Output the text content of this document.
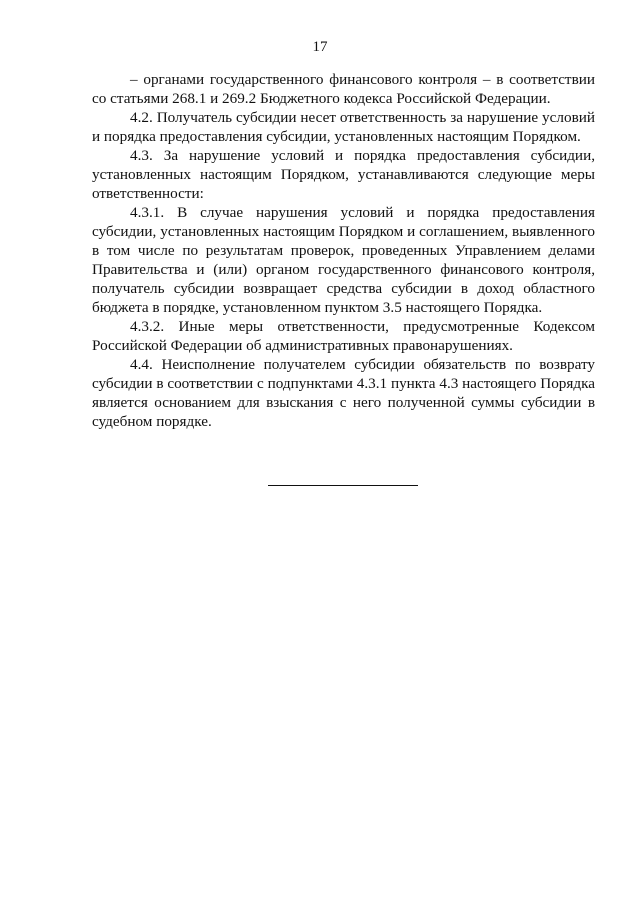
17

– органами государственного финансового контроля – в соответствии со статьями 268.1 и 269.2 Бюджетного кодекса Российской Федерации.

4.2. Получатель субсидии несет ответственность за нарушение условий и порядка предоставления субсидии, установленных настоящим Порядком.

4.3. За нарушение условий и порядка предоставления субсидии, установленных настоящим Порядком, устанавливаются следующие меры ответственности:

4.3.1. В случае нарушения условий и порядка предоставления субсидии, установленных настоящим Порядком и соглашением, выявленного в том числе по результатам проверок, проведенных Управлением делами Правительства и (или) органом государственного финансового контроля, получатель субсидии возвращает средства субсидии в доход областного бюджета в порядке, установленном пунктом 3.5 настоящего Порядка.

4.3.2. Иные меры ответственности, предусмотренные Кодексом Российской Федерации об административных правонарушениях.

4.4. Неисполнение получателем субсидии обязательств по возврату субсидии в соответствии с подпунктами 4.3.1 пункта 4.3 настоящего Порядка является основанием для взыскания с него полученной суммы субсидии в судебном порядке.
